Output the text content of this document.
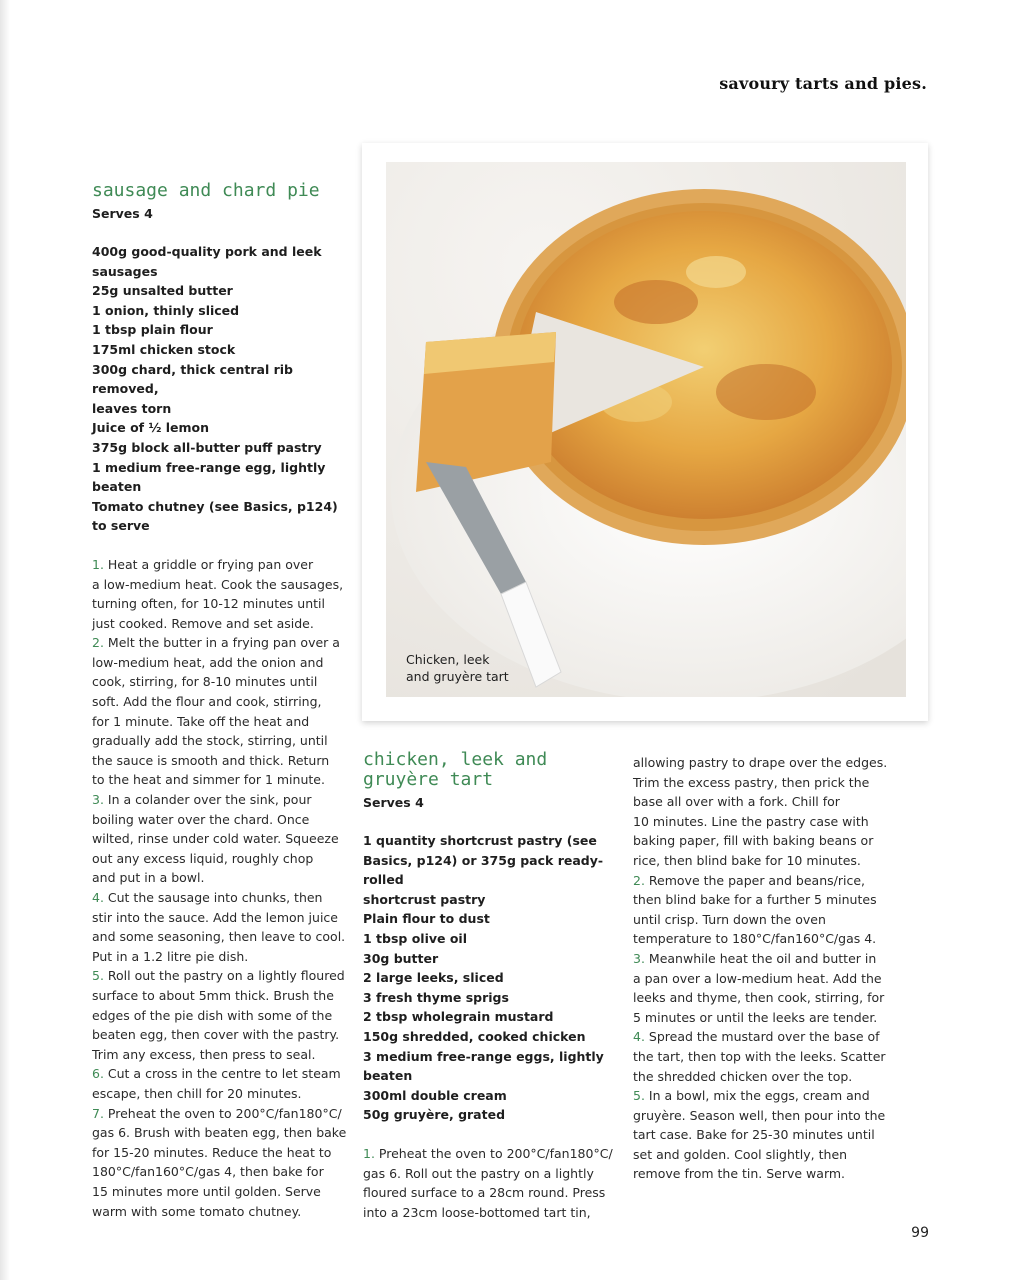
savoury tarts and pies.
sausage and chard pie
Serves 4
400g good-quality pork and leek
sausages
25g unsalted butter
1 onion, thinly sliced
1 tbsp plain flour
175ml chicken stock
300g chard, thick central rib removed,
leaves torn
Juice of ½ lemon
375g block all-butter puff pastry
1 medium free-range egg, lightly beaten
Tomato chutney (see Basics, p124)
to serve

1. Heat a griddle or frying pan over

a low-medium heat. Cook the sausages,

turning often, for 10-12 minutes until

just cooked. Remove and set aside.

2. Melt the butter in a frying pan over a

low-medium heat, add the onion and

cook, stirring, for 8-10 minutes until

soft. Add the flour and cook, stirring,

for 1 minute. Take off the heat and

gradually add the stock, stirring, until

the sauce is smooth and thick. Return

to the heat and simmer for 1 minute.

3. In a colander over the sink, pour

boiling water over the chard. Once

wilted, rinse under cold water. Squeeze

out any excess liquid, roughly chop

and put in a bowl.

4. Cut the sausage into chunks, then

stir into the sauce. Add the lemon juice

and some seasoning, then leave to cool.

Put in a 1.2 litre pie dish.

5. Roll out the pastry on a lightly floured

surface to about 5mm thick. Brush the

edges of the pie dish with some of the

beaten egg, then cover with the pastry.

Trim any excess, then press to seal.

6. Cut a cross in the centre to let steam

escape, then chill for 20 minutes.

7. Preheat the oven to 200°C/fan180°C/

gas 6. Brush with beaten egg, then bake

for 15-20 minutes. Reduce the heat to

180°C/fan160°C/gas 4, then bake for

15 minutes more until golden. Serve

warm with some tomato chutney.

Chicken, leek
and gruyère tart
chicken, leek and
gruyère tart
Serves 4
1 quantity shortcrust pastry (see
Basics, p124) or 375g pack ready-rolled
shortcrust pastry
Plain flour to dust
1 tbsp olive oil
30g butter
2 large leeks, sliced
3 fresh thyme sprigs
2 tbsp wholegrain mustard
150g shredded, cooked chicken
3 medium free-range eggs, lightly beaten
300ml double cream
50g gruyère, grated

1. Preheat the oven to 200°C/fan180°C/

gas 6. Roll out the pastry on a lightly

floured surface to a 28cm round. Press

into a 23cm loose-bottomed tart tin,

allowing pastry to drape over the edges.

Trim the excess pastry, then prick the

base all over with a fork. Chill for

10 minutes. Line the pastry case with

baking paper, fill with baking beans or

rice, then blind bake for 10 minutes.

2. Remove the paper and beans/rice,

then blind bake for a further 5 minutes

until crisp. Turn down the oven

temperature to 180°C/fan160°C/gas 4.

3. Meanwhile heat the oil and butter in

a pan over a low-medium heat. Add the

leeks and thyme, then cook, stirring, for

5 minutes or until the leeks are tender.

4. Spread the mustard over the base of

the tart, then top with the leeks. Scatter

the shredded chicken over the top.

5. In a bowl, mix the eggs, cream and

gruyère. Season well, then pour into the

tart case. Bake for 25-30 minutes until

set and golden. Cool slightly, then

remove from the tin. Serve warm.

99
